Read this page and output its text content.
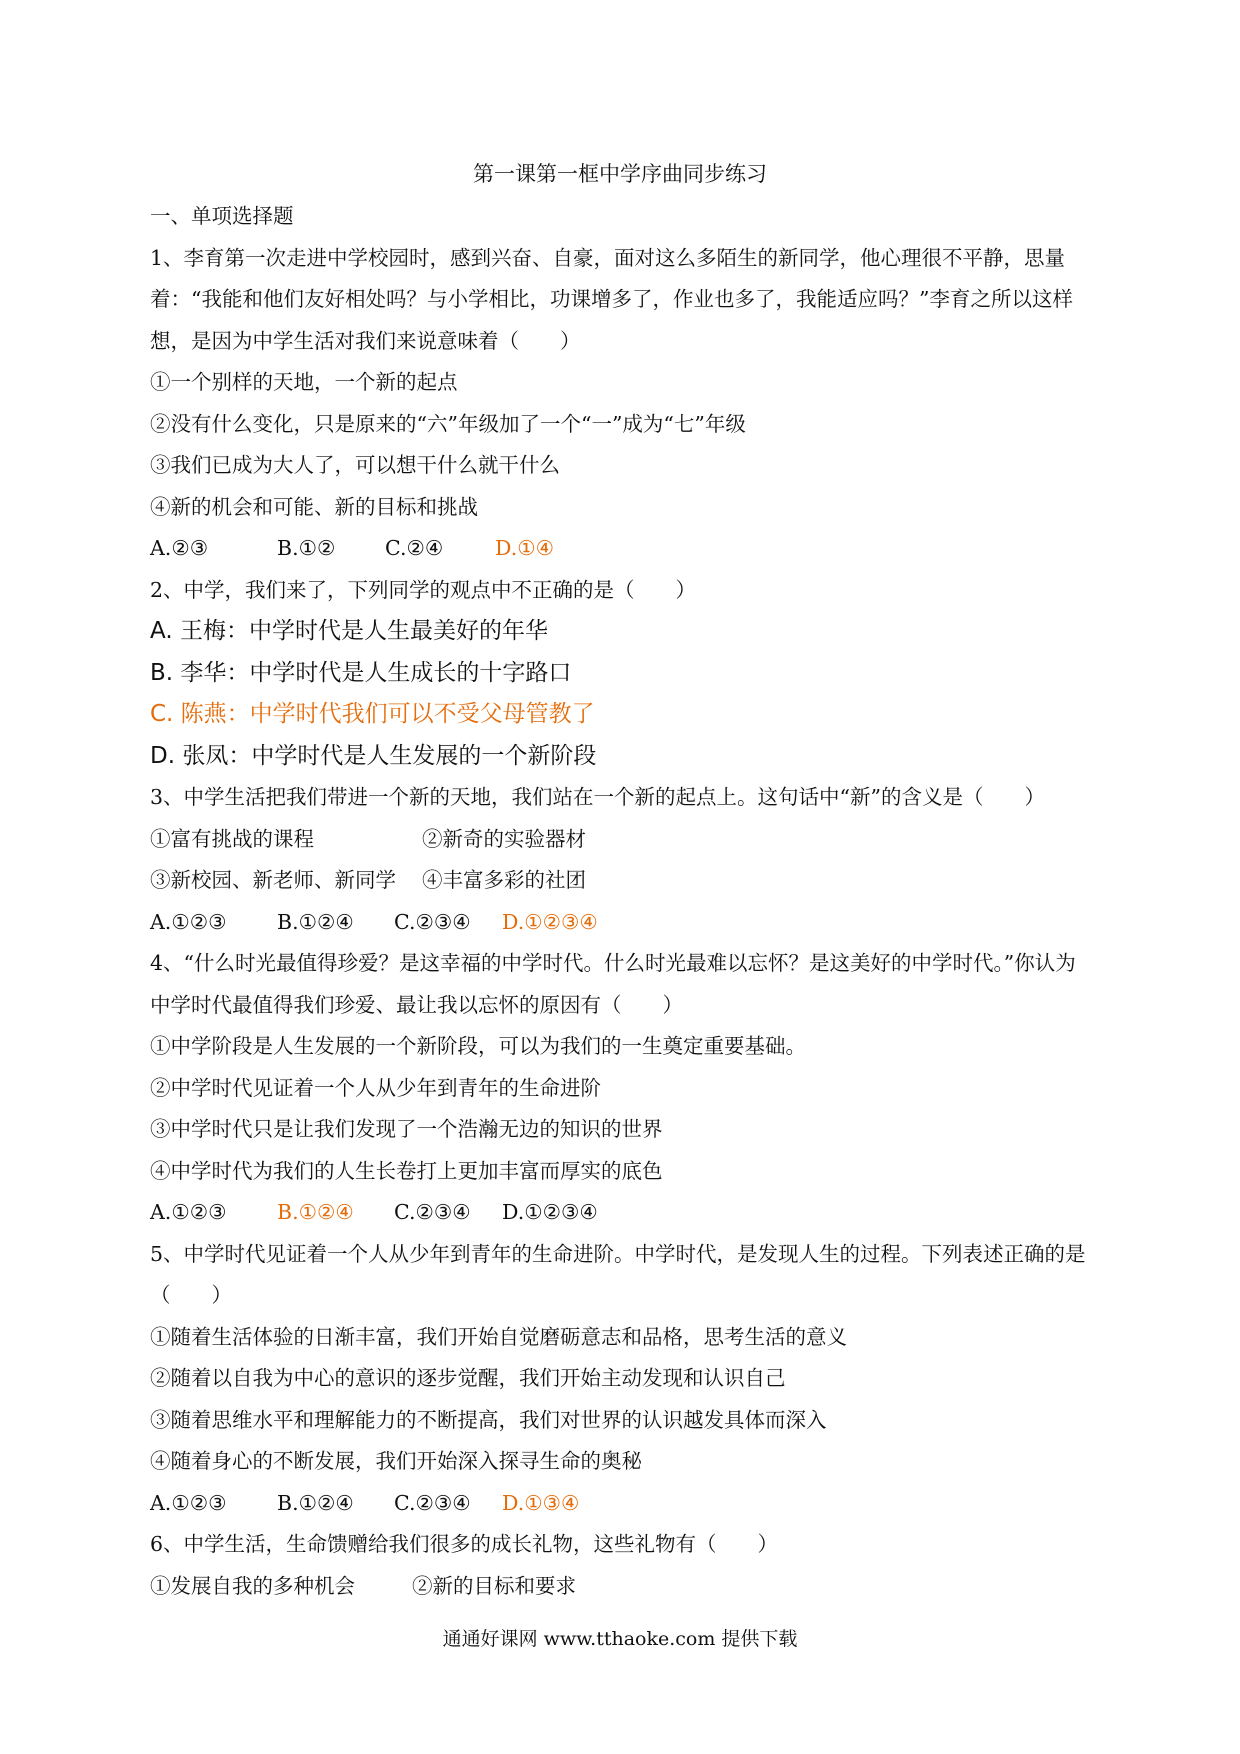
第一课第一框中学序曲同步练习
一、单项选择题
1、李育第一次走进中学校园时，感到兴奋、自豪，面对这么多陌生的新同学，他心理很不平静，思量着：“我能和他们友好相处吗？与小学相比，功课增多了，作业也多了，我能适应吗？”李育之所以这样想，是因为中学生活对我们来说意味着（　　）
①一个别样的天地，一个新的起点
②没有什么变化，只是原来的“六”年级加了一个“一”成为“七”年级
③我们已成为大人了，可以想干什么就干什么
④新的机会和可能、新的目标和挑战
A.②③	B.①② C.②④	D.①④
2、中学，我们来了，下列同学的观点中不正确的是（　　）
A. 王梅：中学时代是人生最美好的年华
B. 李华：中学时代是人生成长的十字路口
C. 陈燕：中学时代我们可以不受父母管教了
D. 张凤：中学时代是人生发展的一个新阶段
3、中学生活把我们带进一个新的天地，我们站在一个新的起点上。这句话中“新”的含义是（　　）
①富有挑战的课程	②新奇的实验器材
③新校园、新老师、新同学 ④丰富多彩的社团
A.①②③ B.①②④ C.②③④ D.①②③④
4、“什么时光最值得珍爱？是这幸福的中学时代。什么时光最难以忘怀？是这美好的中学时代。”你认为中学时代最值得我们珍爱、最让我以忘怀的原因有（　　）
①中学阶段是人生发展的一个新阶段，可以为我们的一生奠定重要基础。
②中学时代见证着一个人从少年到青年的生命进阶
③中学时代只是让我们发现了一个浩瀚无边的知识的世界
④中学时代为我们的人生长卷打上更加丰富而厚实的底色
A.①②③ B.①②④ C.②③④ D.①②③④
5、中学时代见证着一个人从少年到青年的生命进阶。中学时代，是发现人生的过程。下列表述正确的是（　　）
①随着生活体验的日渐丰富，我们开始自觉磨砺意志和品格，思考生活的意义
②随着以自我为中心的意识的逐步觉醒，我们开始主动发现和认识自己
③随着思维水平和理解能力的不断提高，我们对世界的认识越发具体而深入
④随着身心的不断发展，我们开始深入探寻生命的奥秘
A.①②③ B.①②④ C.②③④ D.①③④
6、中学生活，生命馈赠给我们很多的成长礼物，这些礼物有（　　）
①发展自我的多种机会	②新的目标和要求
通通好课网 www.tthaoke.com 提供下载
